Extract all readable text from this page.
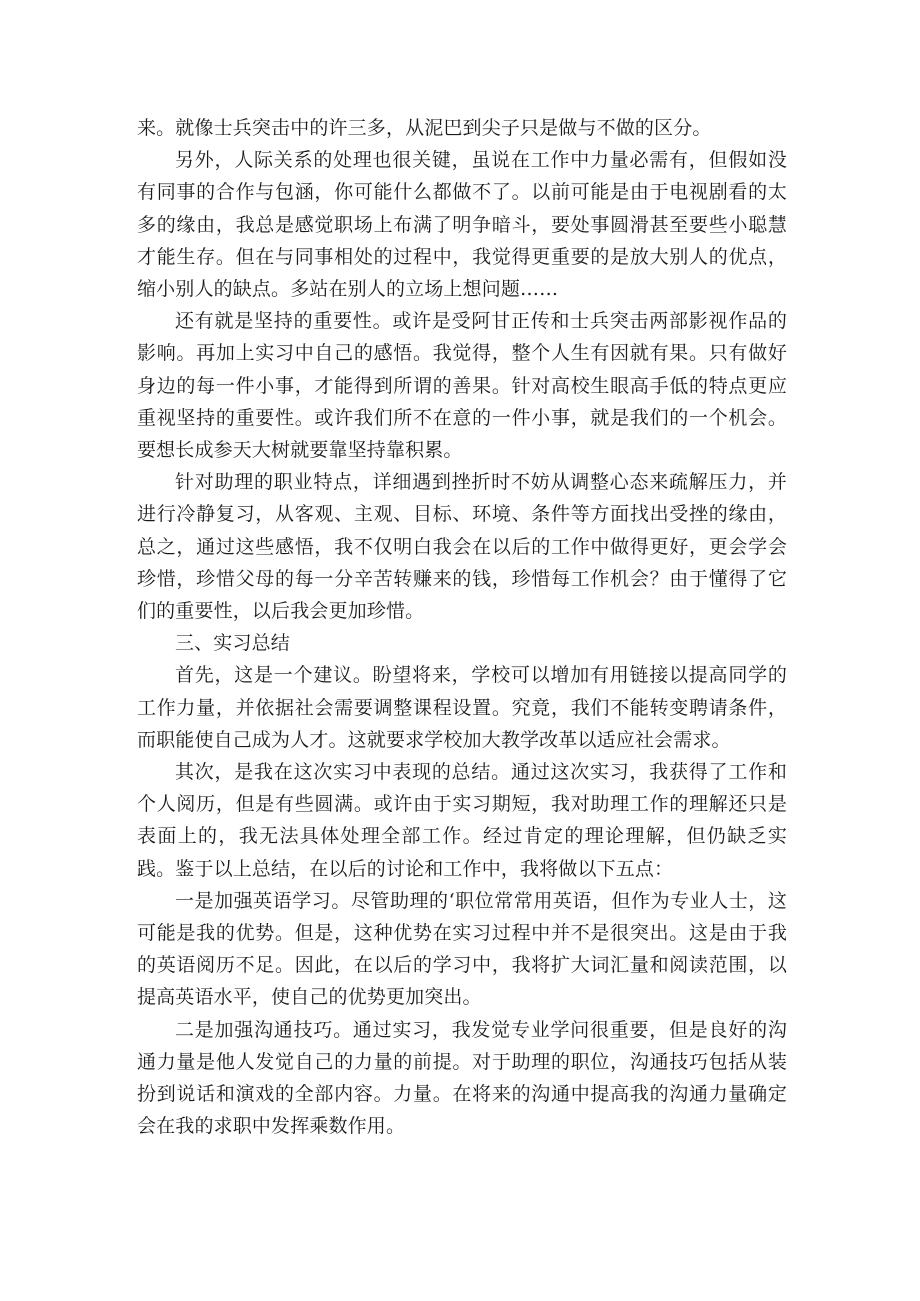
来。就像士兵突击中的许三多，从泥巴到尖子只是做与不做的区分。

另外，人际关系的处理也很关键，虽说在工作中力量必需有，但假如没有同事的合作与包涵，你可能什么都做不了。以前可能是由于电视剧看的太多的缘由，我总是感觉职场上布满了明争暗斗，要处事圆滑甚至要些小聪慧才能生存。但在与同事相处的过程中，我觉得更重要的是放大别人的优点，缩小别人的缺点。多站在别人的立场上想问题……

还有就是坚持的重要性。或许是受阿甘正传和士兵突击两部影视作品的影响。再加上实习中自己的感悟。我觉得，整个人生有因就有果。只有做好身边的每一件小事，才能得到所谓的善果。针对高校生眼高手低的特点更应重视坚持的重要性。或许我们所不在意的一件小事，就是我们的一个机会。要想长成参天大树就要靠坚持靠积累。

针对助理的职业特点，详细遇到挫折时不妨从调整心态来疏解压力，并进行冷静复习，从客观、主观、目标、环境、条件等方面找出受挫的缘由，总之，通过这些感悟，我不仅明白我会在以后的工作中做得更好，更会学会珍惜，珍惜父母的每一分辛苦转赚来的钱，珍惜每工作机会？由于懂得了它们的重要性，以后我会更加珍惜。

三、实习总结

首先，这是一个建议。盼望将来，学校可以增加有用链接以提高同学的工作力量，并依据社会需要调整课程设置。究竟，我们不能转变聘请条件，而职能使自己成为人才。这就要求学校加大教学改革以适应社会需求。

其次，是我在这次实习中表现的总结。通过这次实习，我获得了工作和个人阅历，但是有些圆满。或许由于实习期短，我对助理工作的理解还只是表面上的，我无法具体处理全部工作。经过肯定的理论理解，但仍缺乏实践。鉴于以上总结，在以后的讨论和工作中，我将做以下五点：

一是加强英语学习。尽管助理的‘职位常常用英语，但作为专业人士，这可能是我的优势。但是，这种优势在实习过程中并不是很突出。这是由于我的英语阅历不足。因此，在以后的学习中，我将扩大词汇量和阅读范围，以提高英语水平，使自己的优势更加突出。

二是加强沟通技巧。通过实习，我发觉专业学问很重要，但是良好的沟通力量是他人发觉自己的力量的前提。对于助理的职位，沟通技巧包括从装扮到说话和演戏的全部内容。力量。在将来的沟通中提高我的沟通力量确定会在我的求职中发挥乘数作用。
